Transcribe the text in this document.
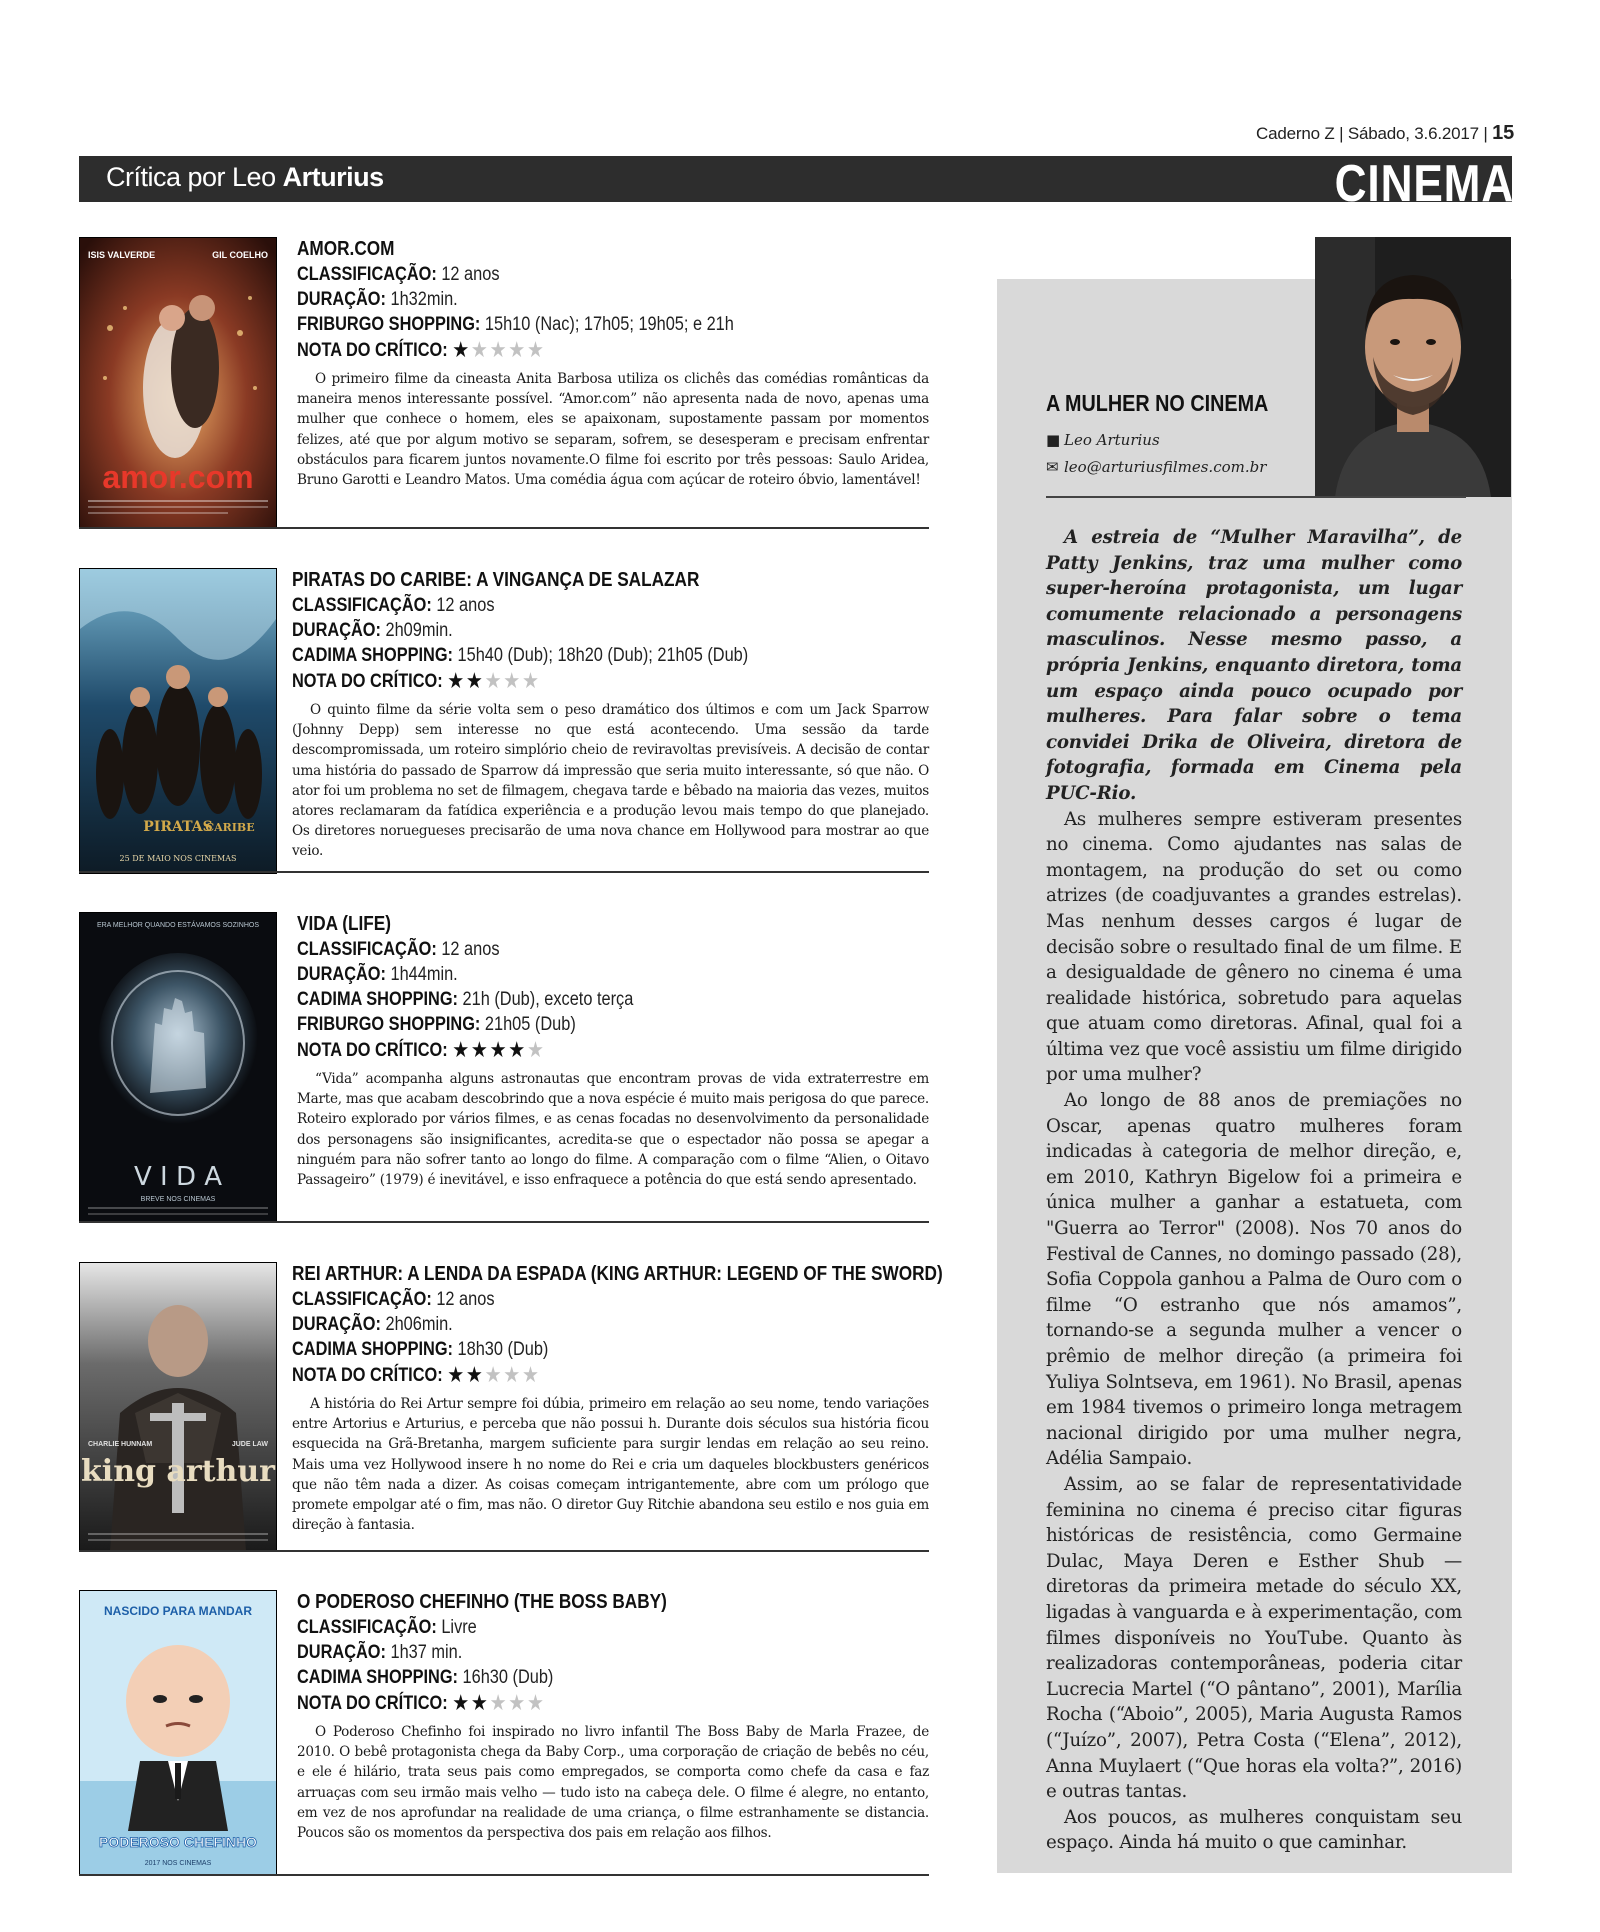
Caderno Z | Sábado, 3.6.2017 | 15
Crítica por Leo Arturius	CINEMA
amor.com
ISIS VALVERDE	GIL COELHO AMOR.COM
CLASSIFICAÇÃO: 12 anos
DURAÇÃO: 1h32min.
FRIBURGO SHOPPING: 15h10 (Nac); 17h05; 19h05; e 21h
NOTA DO CRÍTICO: ★★★★★
O primeiro filme da cineasta Anita Barbosa utiliza os clichês das comédias românticas da maneira menos interessante possível. “Amor.com” não apresenta nada de novo, apenas uma mulher que conhece o homem, eles se apaixonam, supostamente passam por momentos felizes, até que por algum motivo se separam, sofrem, se desesperam e precisam enfrentar obstáculos para ficarem juntos novamente.O filme foi escrito por três pessoas: Saulo Aridea, Bruno Garotti e Leandro Matos. Uma comédia água com açúcar de roteiro óbvio, lamentável!
PIRATAS
CARIBE
25 DE MAIO NOS CINEMAS
PIRATAS DO CARIBE: A VINGANÇA DE SALAZAR
CLASSIFICAÇÃO: 12 anos
DURAÇÃO: 2h09min.
CADIMA SHOPPING: 15h40 (Dub); 18h20 (Dub); 21h05 (Dub)
NOTA DO CRÍTICO: ★★★★★
O quinto filme da série volta sem o peso dramático dos últimos e com um Jack Sparrow (Johnny Depp) sem interesse no que está acontecendo. Uma sessão da tarde descompromissada, um roteiro simplório cheio de reviravoltas previsíveis. A decisão de contar uma história do passado de Sparrow dá impressão que seria muito interessante, só que não. O ator foi um problema no set de filmagem, chegava tarde e bêbado na maioria das vezes, muitos atores reclamaram da fatídica experiência e a produção levou mais tempo do que planejado. Os diretores noruegueses precisarão de uma nova chance em Hollywood para mostrar ao que veio.
ERA MELHOR QUANDO ESTÁVAMOS SOZINHOS
V I D A
BREVE NOS CINEMAS
VIDA (LIFE)
CLASSIFICAÇÃO: 12 anos
DURAÇÃO: 1h44min.
CADIMA SHOPPING: 21h (Dub), exceto terça
FRIBURGO SHOPPING: 21h05 (Dub)
NOTA DO CRÍTICO: ★★★★★
“Vida” acompanha alguns astronautas que encontram provas de vida extraterrestre em Marte, mas que acabam descobrindo que a nova espécie é muito mais perigosa do que parece. Roteiro explorado por vários filmes, e as cenas focadas no desenvolvimento da personalidade dos personagens são insignificantes, acredita-se que o espectador não possa se apegar a ninguém para não sofrer tanto ao longo do filme. A comparação com o filme “Alien, o Oitavo Passageiro” (1979) é inevitável, e isso enfraquece a potência do que está sendo apresentado.
CHARLIE HUNNAM	JUDE LAW
king arthur
REI ARTHUR: A LENDA DA ESPADA (KING ARTHUR: LEGEND OF THE SWORD)
CLASSIFICAÇÃO: 12 anos
DURAÇÃO: 2h06min.
CADIMA SHOPPING: 18h30 (Dub)
NOTA DO CRÍTICO: ★★★★★
A história do Rei Artur sempre foi dúbia, primeiro em relação ao seu nome, tendo variações entre Artorius e Arturius, e perceba que não possui h. Durante dois séculos sua história ficou esquecida na Grã-Bretanha, margem suficiente para surgir lendas em relação ao seu reino. Mais uma vez Hollywood insere h no nome do Rei e cria um daqueles blockbusters genéricos que não têm nada a dizer. As coisas começam intrigantemente, abre com um prólogo que promete empolgar até o fim, mas não. O diretor Guy Ritchie abandona seu estilo e nos guia em direção à fantasia.
NASCIDO PARA MANDAR
PODEROSO CHEFINHO
2017 NOS CINEMAS
O PODEROSO CHEFINHO (THE BOSS BABY)
CLASSIFICAÇÃO: Livre
DURAÇÃO: 1h37 min.
CADIMA SHOPPING: 16h30 (Dub)
NOTA DO CRÍTICO: ★★★★★
O Poderoso Chefinho foi inspirado no livro infantil The Boss Baby de Marla Frazee, de 2010. O bebê protagonista chega da Baby Corp., uma corporação de criação de bebês no céu, e ele é hilário, trata seus pais como empregados, se comporta como chefe da casa e faz arruaças com seu irmão mais velho — tudo isto na cabeça dele. O filme é alegre, no entanto, em vez de nos aprofundar na realidade de uma criança, o filme estranhamente se distancia. Poucos são os momentos da perspectiva dos pais em relação aos filhos.
A MULHER NO CINEMA
■ Leo Arturius
✉ leo@arturiusfilmes.com.br

A estreia de “Mulher Maravilha”, de Patty Jenkins, traz uma mulher como super-heroína protagonista, um lugar comumente relacionado a personagens masculinos. Nesse mesmo passo, a própria Jenkins, enquanto diretora, toma um espaço ainda pouco ocupado por mulheres. Para falar sobre o tema convidei Drika de Oliveira, diretora de fotografia, formada em Cinema pela PUC-Rio.

As mulheres sempre estiveram presentes no cinema. Como ajudantes nas salas de montagem, na produção do set ou como atrizes (de coadjuvantes a grandes estrelas). Mas nenhum desses cargos é lugar de decisão sobre o resultado final de um filme. E a desigualdade de gênero no cinema é uma realidade histórica, sobretudo para aquelas que atuam como diretoras. Afinal, qual foi a última vez que você assistiu um filme dirigido por uma mulher?

Ao longo de 88 anos de premiações no Oscar, apenas quatro mulheres foram indicadas à categoria de melhor direção, e, em 2010, Kathryn Bigelow foi a primeira e única mulher a ganhar a estatueta, com "Guerra ao Terror" (2008). Nos 70 anos do Festival de Cannes, no domingo passado (28), Sofia Coppola ganhou a Palma de Ouro com o filme “O estranho que nós amamos”, tornando-se a segunda mulher a vencer o prêmio de melhor direção (a primeira foi Yuliya Solntseva, em 1961). No Brasil, apenas em 1984 tivemos o primeiro longa metragem nacional dirigido por uma mulher negra, Adélia Sampaio.

Assim, ao se falar de representatividade feminina no cinema é preciso citar figuras históricas de resistência, como Germaine Dulac, Maya Deren e Esther Shub — diretoras da primeira metade do século XX, ligadas à vanguarda e à experimentação, com filmes disponíveis no YouTube. Quanto às realizadoras contemporâneas, poderia citar Lucrecia Martel (“O pântano”, 2001), Marília Rocha (“Aboio”, 2005), Maria Augusta Ramos (“Juízo”, 2007), Petra Costa (“Elena”, 2012), Anna Muylaert (“Que horas ela volta?”, 2016) e outras tantas.

Aos poucos, as mulheres conquistam seu espaço. Ainda há muito o que caminhar.
